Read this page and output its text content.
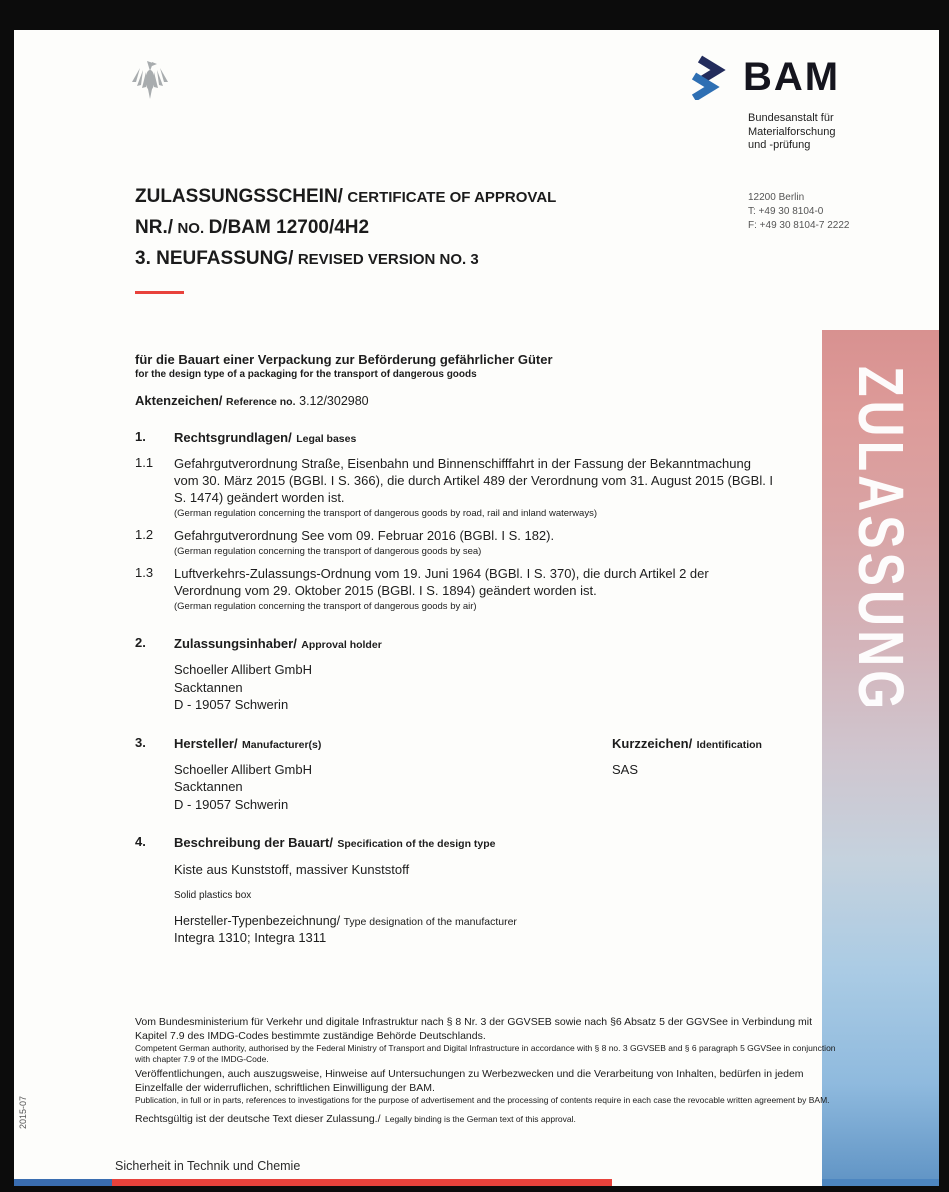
BAM
Bundesanstalt für
Materialforschung
und -prüfung
12200 Berlin
T: +49 30 8104-0
F: +49 30 8104-7 2222
ZULASSUNGSSCHEIN/ CERTIFICATE OF APPROVAL
NR./ NO. D/BAM 12700/4H2
3. NEUFASSUNG/ REVISED VERSION NO. 3
ZULASSUNG
für die Bauart einer Verpackung zur Beförderung gefährlicher Güter
for the design type of a packaging for the transport of dangerous goods
Aktenzeichen/ Reference no. 3.12/302980
1.	Rechtsgrundlagen/ Legal bases
1.1	Gefahrgutverordnung Straße, Eisenbahn und Binnenschifffahrt in der Fassung der Bekanntmachung vom 30. März 2015 (BGBl. I S. 366), die durch Artikel 489 der Verordnung vom 31. August 2015 (BGBl. I S. 1474) geändert worden ist.
(German regulation concerning the transport of dangerous goods by road, rail and inland waterways)
1.2	Gefahrgutverordnung See vom 09. Februar 2016 (BGBl. I S. 182).
(German regulation concerning the transport of dangerous goods by sea)
1.3	Luftverkehrs-Zulassungs-Ordnung vom 19. Juni 1964 (BGBl. I S. 370), die durch Artikel 2 der Verordnung vom 29. Oktober 2015 (BGBl. I S. 1894) geändert worden ist.
(German regulation concerning the transport of dangerous goods by air)
2.	Zulassungsinhaber/ Approval holder
Schoeller Allibert GmbH
Sacktannen
D - 19057 Schwerin
3.	Hersteller/ Manufacturer(s)	Kurzzeichen/ Identification
Schoeller Allibert GmbH
Sacktannen
D - 19057 Schwerin
SAS
4.	Beschreibung der Bauart/ Specification of the design type
Kiste aus Kunststoff, massiver Kunststoff
Solid plastics box
Hersteller-Typenbezeichnung/ Type designation of the manufacturer
Integra 1310; Integra 1311
Vom Bundesministerium für Verkehr und digitale Infrastruktur nach § 8 Nr. 3 der GGVSEB sowie nach §6 Absatz 5 der GGVSee in Verbindung mit Kapitel 7.9 des IMDG-Codes bestimmte zuständige Behörde Deutschlands.
Competent German authority, authorised by the Federal Ministry of Transport and Digital Infrastructure in accordance with § 8 no. 3 GGVSEB and § 6 paragraph 5 GGVSee in conjunction with chapter 7.9 of the IMDG-Code.
Veröffentlichungen, auch auszugsweise, Hinweise auf Untersuchungen zu Werbezwecken und die Verarbeitung von Inhalten, bedürfen in jedem Einzelfalle der widerruflichen, schriftlichen Einwilligung der BAM.
Publication, in full or in parts, references to investigations for the purpose of advertisement and the processing of contents require in each case the revocable written agreement by BAM.
Rechtsgültig ist der deutsche Text dieser Zulassung./ Legally binding is the German text of this approval.
2015-07
Sicherheit in Technik und Chemie
